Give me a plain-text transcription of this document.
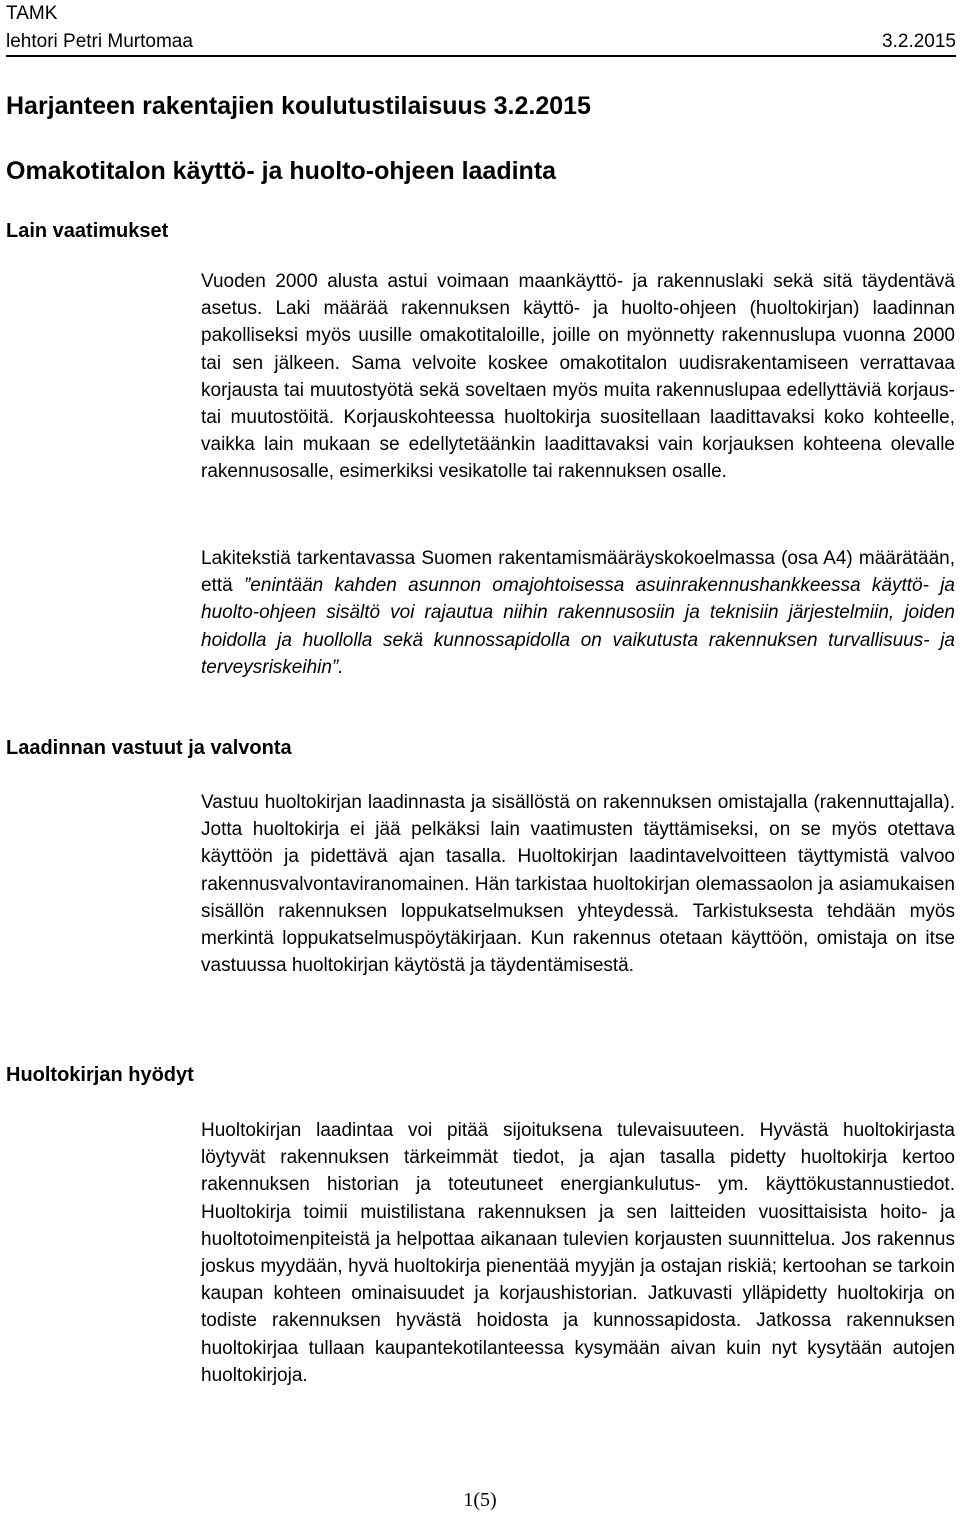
TAMK
lehtori Petri Murtomaa	3.2.2015
Harjanteen rakentajien koulutustilaisuus 3.2.2015
Omakotitalon käyttö- ja huolto-ohjeen laadinta
Lain vaatimukset
Vuoden 2000 alusta astui voimaan maankäyttö- ja rakennuslaki sekä sitä täydentävä asetus. Laki määrää rakennuksen käyttö- ja huolto-ohjeen (huoltokirjan) laadinnan pakolliseksi myös uusille omakotitaloille, joille on myönnetty rakennuslupa vuonna 2000 tai sen jälkeen. Sama velvoite koskee omakotitalon uudisrakentamiseen verrattavaa korjausta tai muutostyötä sekä soveltaen myös muita rakennuslupaa edellyttäviä korjaus- tai muutostöitä. Korjauskohteessa huoltokirja suositellaan laadittavaksi koko kohteelle, vaikka lain mukaan se edellytetäänkin laadittavaksi vain korjauksen kohteena olevalle rakennusosalle, esimerkiksi vesikatolle tai rakennuksen osalle.
Lakitekstiä tarkentavassa Suomen rakentamismääräyskokoelmassa (osa A4) määrätään, että ”enintään kahden asunnon omajohtoisessa asuinrakennushankkeessa käyttö- ja huolto-ohjeen sisältö voi rajautua niihin rakennusosiin ja teknisiin järjestelmiin, joiden hoidolla ja huollolla sekä kunnossapidolla on vaikutusta rakennuksen turvallisuus- ja terveysriskeihin”.
Laadinnan vastuut ja valvonta
Vastuu huoltokirjan laadinnasta ja sisällöstä on rakennuksen omistajalla (rakennuttajalla). Jotta huoltokirja ei jää pelkäksi lain vaatimusten täyttämiseksi, on se myös otettava käyttöön ja pidettävä ajan tasalla. Huoltokirjan laadintavelvoitteen täyttymistä valvoo rakennusvalvontaviranomainen. Hän tarkistaa huoltokirjan olemassaolon ja asiamukaisen sisällön rakennuksen loppukatselmuksen yhteydessä. Tarkistuksesta tehdään myös merkintä loppukatselmuspöytäkirjaan. Kun rakennus otetaan käyttöön, omistaja on itse vastuussa huoltokirjan käytöstä ja täydentämisestä.
Huoltokirjan hyödyt
Huoltokirjan laadintaa voi pitää sijoituksena tulevaisuuteen. Hyvästä huoltokirjasta löytyvät rakennuksen tärkeimmät tiedot, ja ajan tasalla pidetty huoltokirja kertoo rakennuksen historian ja toteutuneet energiankulutus- ym. käyttökustannustiedot. Huoltokirja toimii muistilistana rakennuksen ja sen laitteiden vuosittaisista hoito- ja huoltotoimenpiteistä ja helpottaa aikanaan tulevien korjausten suunnittelua. Jos rakennus joskus myydään, hyvä huoltokirja pienentää myyjän ja ostajan riskiä; kertoohan se tarkoin kaupan kohteen ominaisuudet ja korjaushistorian. Jatkuvasti ylläpidetty huoltokirja on todiste rakennuksen hyvästä hoidosta ja kunnossapidosta. Jatkossa rakennuksen huoltokirjaa tullaan kaupantekotilanteessa kysymään aivan kuin nyt kysytään autojen huoltokirjoja.
1(5)
